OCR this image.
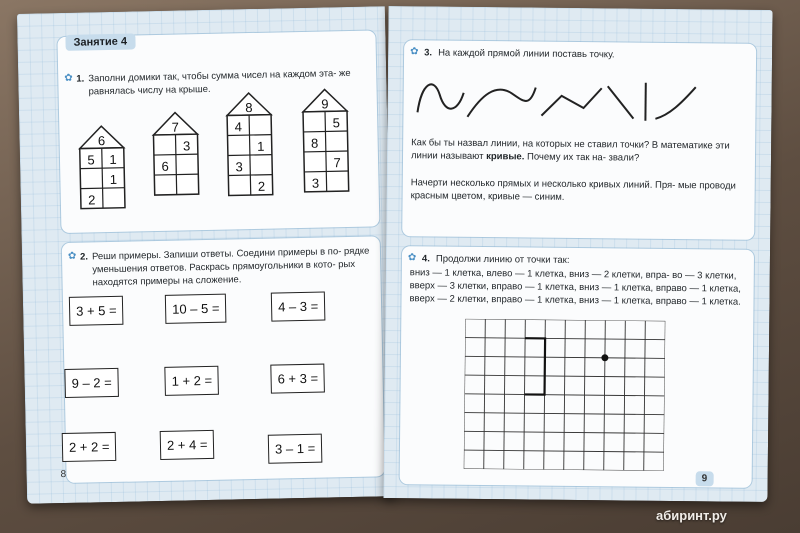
Занятие 4
✿ 1. Заполни домики так, чтобы сумма чисел на каждом эта- же равнялась числу на крыше.
6
5 1
1
2
7
3
6
8
4
1
3
2
9
5
8
7
3
✿ 2. Реши примеры. Запиши ответы. Соедини примеры в по- рядке уменьшения ответов. Раскрась прямоугольники в кото- рых находятся примеры на сложение.
3 + 5 =	10 – 5 =	4 – 3 =
9 – 2 =	1 + 2 =	6 + 3 =
2 + 2 =	2 + 4 =	3 – 1 =
8
✿ 3. На каждой прямой линии поставь точку.
Как бы ты назвал линии, на которых не ставил точки? В математике эти линии называют кривые. Почему их так на- звали?
Начерти несколько прямых и несколько кривых линий. Пря- мые проводи красным цветом, кривые — синим.
✿ 4. Продолжи линию от точки так:
вниз — 1 клетка, влево — 1 клетка, вниз — 2 клетки, впра- во — 3 клетки, вверх — 3 клетки, вправо — 1 клетка, вниз — 1 клетка, вправо — 1 клетка, вверх — 2 клетки, вправо — 1 клетка, вниз — 1 клетка, вправо — 1 клетка.
9
абиринт.ру
